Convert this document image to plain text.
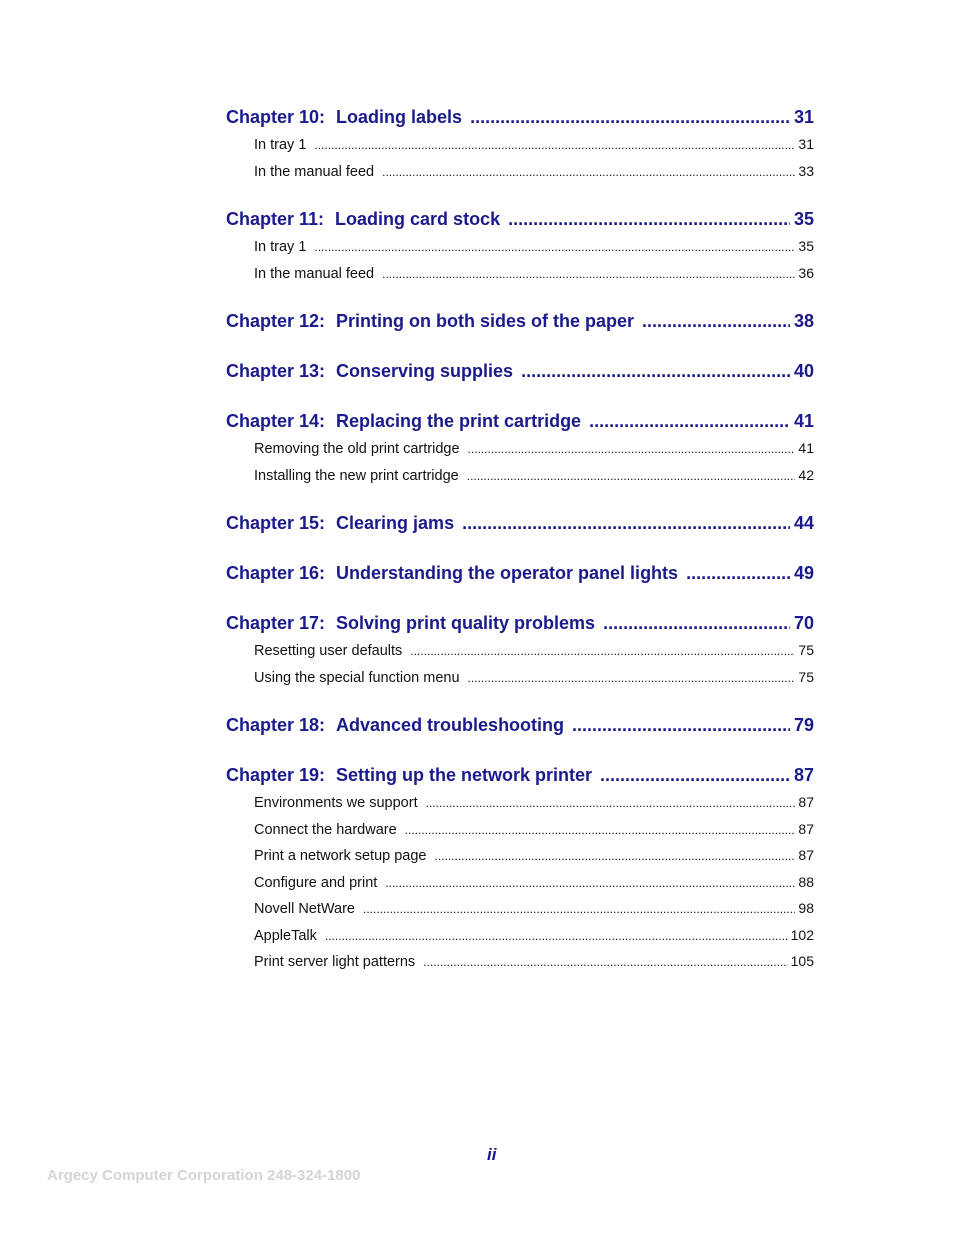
Chapter 10: Loading labels .....	31
In tray 1 .....	31
In the manual feed .....	33
Chapter 11: Loading card stock .....	35
In tray 1 .....	35
In the manual feed .....	36
Chapter 12: Printing on both sides of the paper .....	38
Chapter 13: Conserving supplies .....	40
Chapter 14: Replacing the print cartridge .....	41
Removing the old print cartridge .....	41
Installing the new print cartridge .....	42
Chapter 15: Clearing jams .....	44
Chapter 16: Understanding the operator panel lights .....	49
Chapter 17: Solving print quality problems .....	70
Resetting user defaults .....	75
Using the special function menu .....	75
Chapter 18: Advanced troubleshooting .....	79
Chapter 19: Setting up the network printer .....	87
Environments we support .....	87
Connect the hardware .....	87
Print a network setup page .....	87
Configure and print .....	88
Novell NetWare .....	98
AppleTalk .....	102
Print server light patterns .....	105
ii
Argecy Computer Corporation 248-324-1800
